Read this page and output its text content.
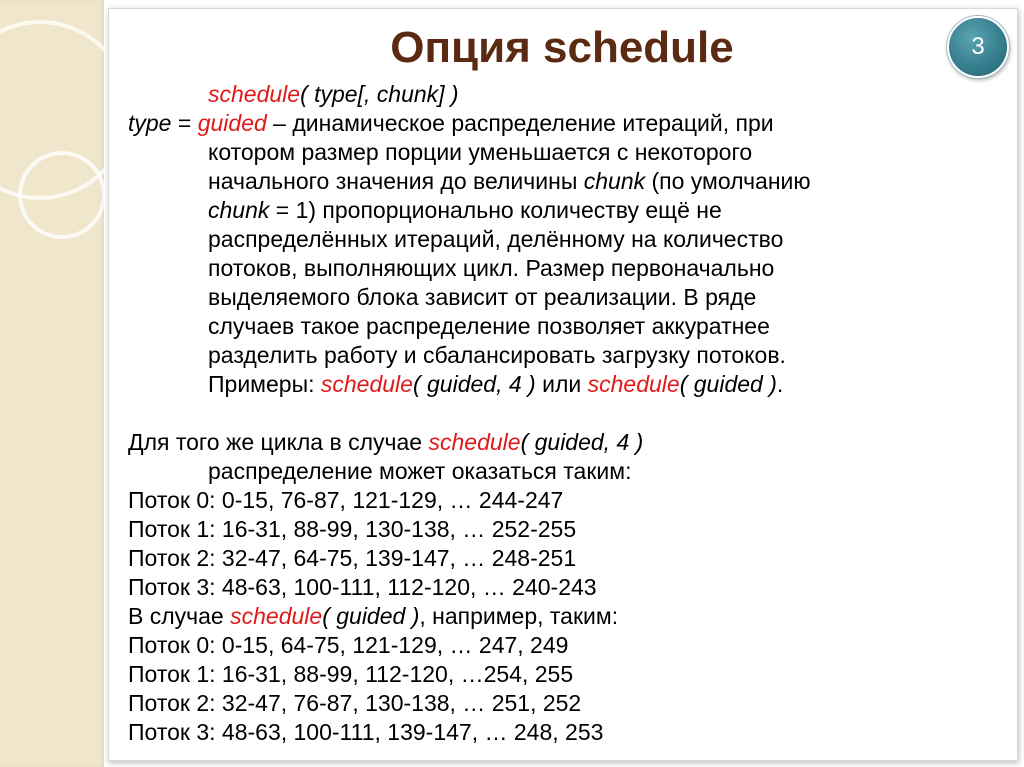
Опция schedule	3
schedule( type[, chunk] )
type = guided – динамическое распределение итераций, при
котором размер порции уменьшается с некоторого
начального значения до величины chunk (по умолчанию
chunk = 1) пропорционально количеству ещё не
распределённых итераций, делённому на количество
потоков, выполняющих цикл. Размер первоначально
выделяемого блока зависит от реализации. В ряде
случаев такое распределение позволяет аккуратнее
разделить работу и сбалансировать загрузку потоков.
Примеры: schedule( guided, 4 ) или schedule( guided ).
Для того же цикла в случае schedule( guided, 4 )
распределение может оказаться таким:
Поток 0: 0-15, 76-87, 121-129, … 244-247
Поток 1: 16-31, 88-99, 130-138, … 252-255
Поток 2: 32-47, 64-75, 139-147, … 248-251
Поток 3: 48-63, 100-111, 112-120, … 240-243
В случае schedule( guided ), например, таким:
Поток 0: 0-15, 64-75, 121-129, … 247, 249
Поток 1: 16-31, 88-99, 112-120, …254, 255
Поток 2: 32-47, 76-87, 130-138, … 251, 252
Поток 3: 48-63, 100-111, 139-147, … 248, 253
